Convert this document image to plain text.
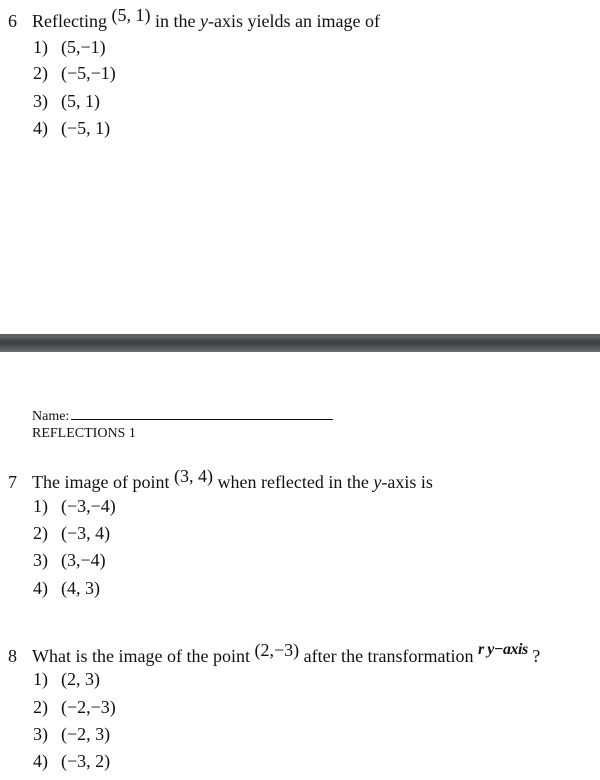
6 Reflecting (5, 1) in the y-axis yields an image of
1) (5,−1)
2) (−5,−1)
3) (5, 1)
4) (−5, 1)
Name:
REFLECTIONS 1
7 The image of point (3, 4) when reflected in the y-axis is
1) (−3,−4)
2) (−3, 4)
3) (3,−4)
4) (4, 3)
8 What is the image of the point (2,−3) after the transformation r y−axis ?
1) (2, 3)
2) (−2,−3)
3) (−2, 3)
4) (−3, 2)
